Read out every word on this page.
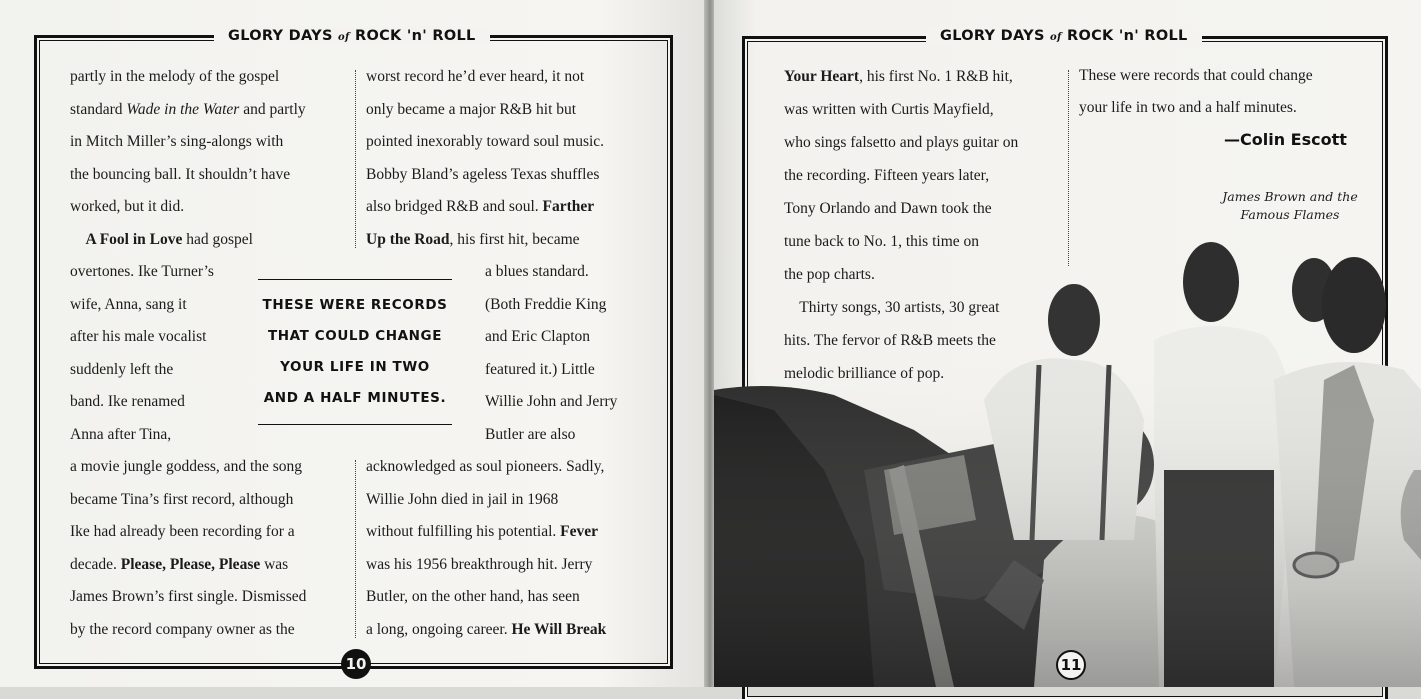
GLORY DAYS of ROCK 'n' ROLL
partly in the melody of the gospel
standard Wade in the Water and partly
in Mitch Miller’s sing-alongs with
the bouncing ball. It shouldn’t have
worked, but it did.
A Fool in Love had gospel
overtones. Ike Turner’s
wife, Anna, sang it
after his male vocalist
suddenly left the
band. Ike renamed
Anna after Tina,
a movie jungle goddess, and the song
became Tina’s first record, although
Ike had already been recording for a
decade. Please, Please, Please was
James Brown’s first single. Dismissed
by the record company owner as the
worst record he’d ever heard, it not
only became a major R&B hit but
pointed inexorably toward soul music.
Bobby Bland’s ageless Texas shuffles
also bridged R&B and soul. Farther
Up the Road, his first hit, became
a blues standard.
(Both Freddie King
and Eric Clapton
featured it.) Little
Willie John and Jerry
Butler are also
acknowledged as soul pioneers. Sadly,
Willie John died in jail in 1968
without fulfilling his potential. Fever
was his 1956 breakthrough hit. Jerry
Butler, on the other hand, has seen
a long, ongoing career. He Will Break
THESE WERE RECORDS
THAT COULD CHANGE
YOUR LIFE IN TWO
AND A HALF MINUTES.
10
GLORY DAYS of ROCK 'n' ROLL
Your Heart, his first No. 1 R&B hit,
was written with Curtis Mayfield,
who sings falsetto and plays guitar on
the recording. Fifteen years later,
Tony Orlando and Dawn took the
tune back to No. 1, this time on
the pop charts.
Thirty songs, 30 artists, 30 great
hits. The fervor of R&B meets the
melodic brilliance of pop.
These were records that could change
your life in two and a half minutes.
—Colin Escott
James Brown and the
Famous Flames
11
